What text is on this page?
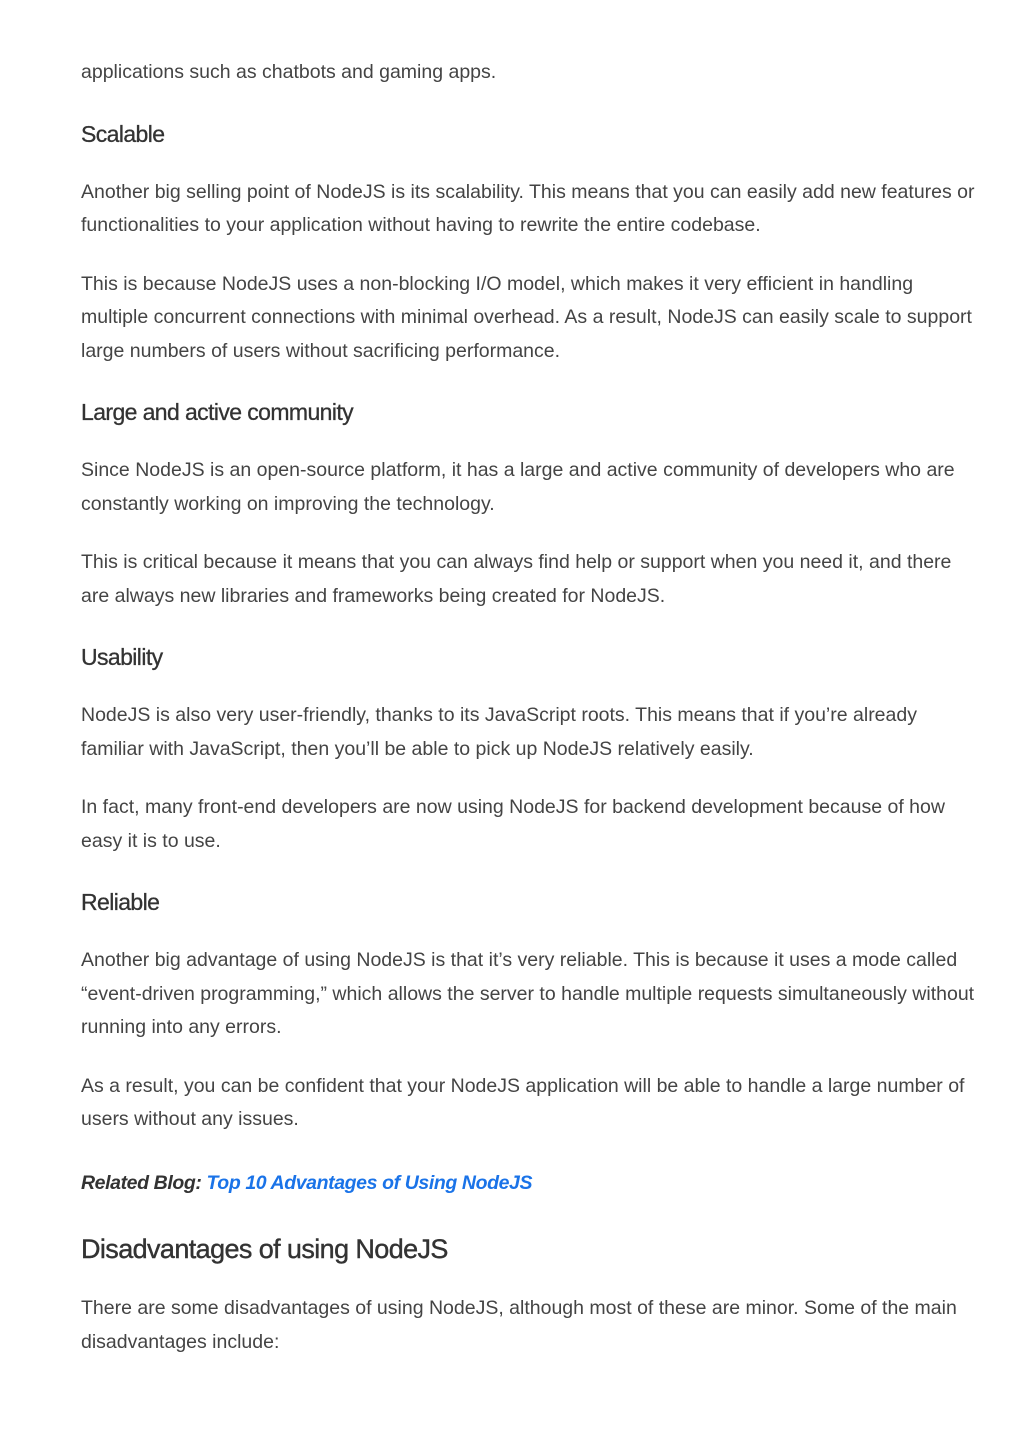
applications such as chatbots and gaming apps.

Scalable

Another big selling point of NodeJS is its scalability. This means that you can easily add new features or functionalities to your application without having to rewrite the entire codebase.

This is because NodeJS uses a non-blocking I/O model, which makes it very efficient in handling multiple concurrent connections with minimal overhead. As a result, NodeJS can easily scale to support large numbers of users without sacrificing performance.

Large and active community

Since NodeJS is an open-source platform, it has a large and active community of developers who are constantly working on improving the technology.

This is critical because it means that you can always find help or support when you need it, and there are always new libraries and frameworks being created for NodeJS.

Usability

NodeJS is also very user-friendly, thanks to its JavaScript roots. This means that if you’re already familiar with JavaScript, then you’ll be able to pick up NodeJS relatively easily.

In fact, many front-end developers are now using NodeJS for backend development because of how easy it is to use.

Reliable

Another big advantage of using NodeJS is that it’s very reliable. This is because it uses a mode called “event-driven programming,” which allows the server to handle multiple requests simultaneously without running into any errors.

As a result, you can be confident that your NodeJS application will be able to handle a large number of users without any issues.

Related Blog: Top 10 Advantages of Using NodeJS
Disadvantages of using NodeJS

There are some disadvantages of using NodeJS, although most of these are minor. Some of the main disadvantages include:
